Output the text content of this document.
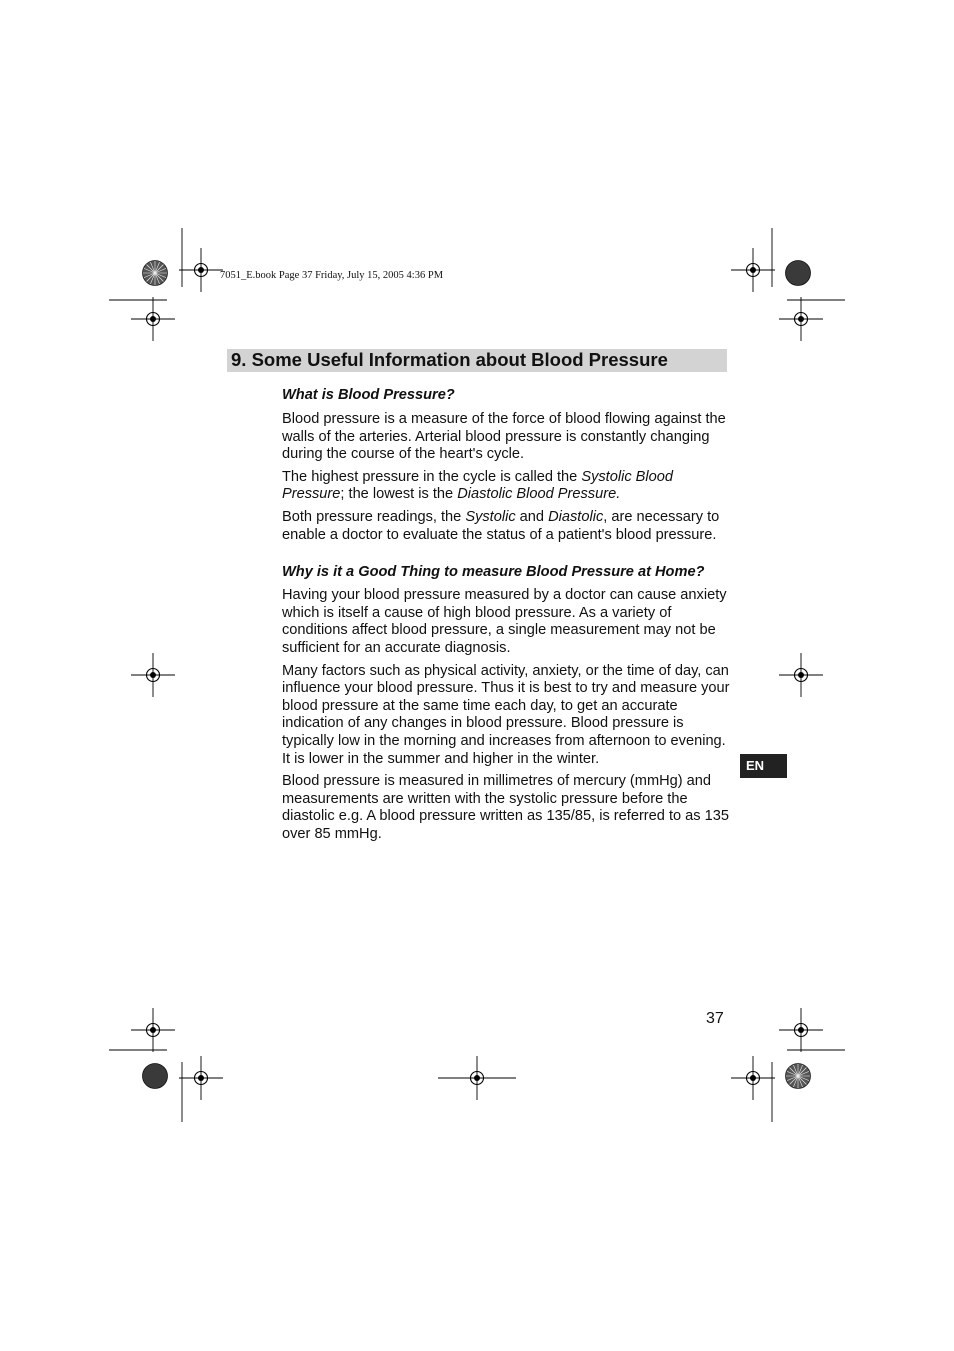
7051_E.book Page 37 Friday, July 15, 2005 4:36 PM
9. Some Useful Information about Blood Pressure
What is Blood Pressure?

Blood pressure is a measure of the force of blood flowing against the walls of the arteries. Arterial blood pressure is constantly changing during the course of the heart's cycle.

The highest pressure in the cycle is called the Systolic Blood Pressure; the lowest is the Diastolic Blood Pressure.

Both pressure readings, the Systolic and Diastolic, are necessary to enable a doctor to evaluate the status of a patient's blood pressure.

Why is it a Good Thing to measure Blood Pressure at Home?

Having your blood pressure measured by a doctor can cause anxiety which is itself a cause of high blood pressure. As a variety of conditions affect blood pressure, a single measurement may not be sufficient for an accurate diagnosis.

Many factors such as physical activity, anxiety, or the time of day, can influence your blood pressure. Thus it is best to try and measure your blood pressure at the same time each day, to get an accurate indication of any changes in blood pressure. Blood pressure is typically low in the morning and increases from afternoon to evening. It is lower in the summer and higher in the winter.

Blood pressure is measured in millimetres of mercury (mmHg) and measurements are written with the systolic pressure before the diastolic e.g. A blood pressure written as 135/85, is referred to as 135 over 85 mmHg.

EN
37
